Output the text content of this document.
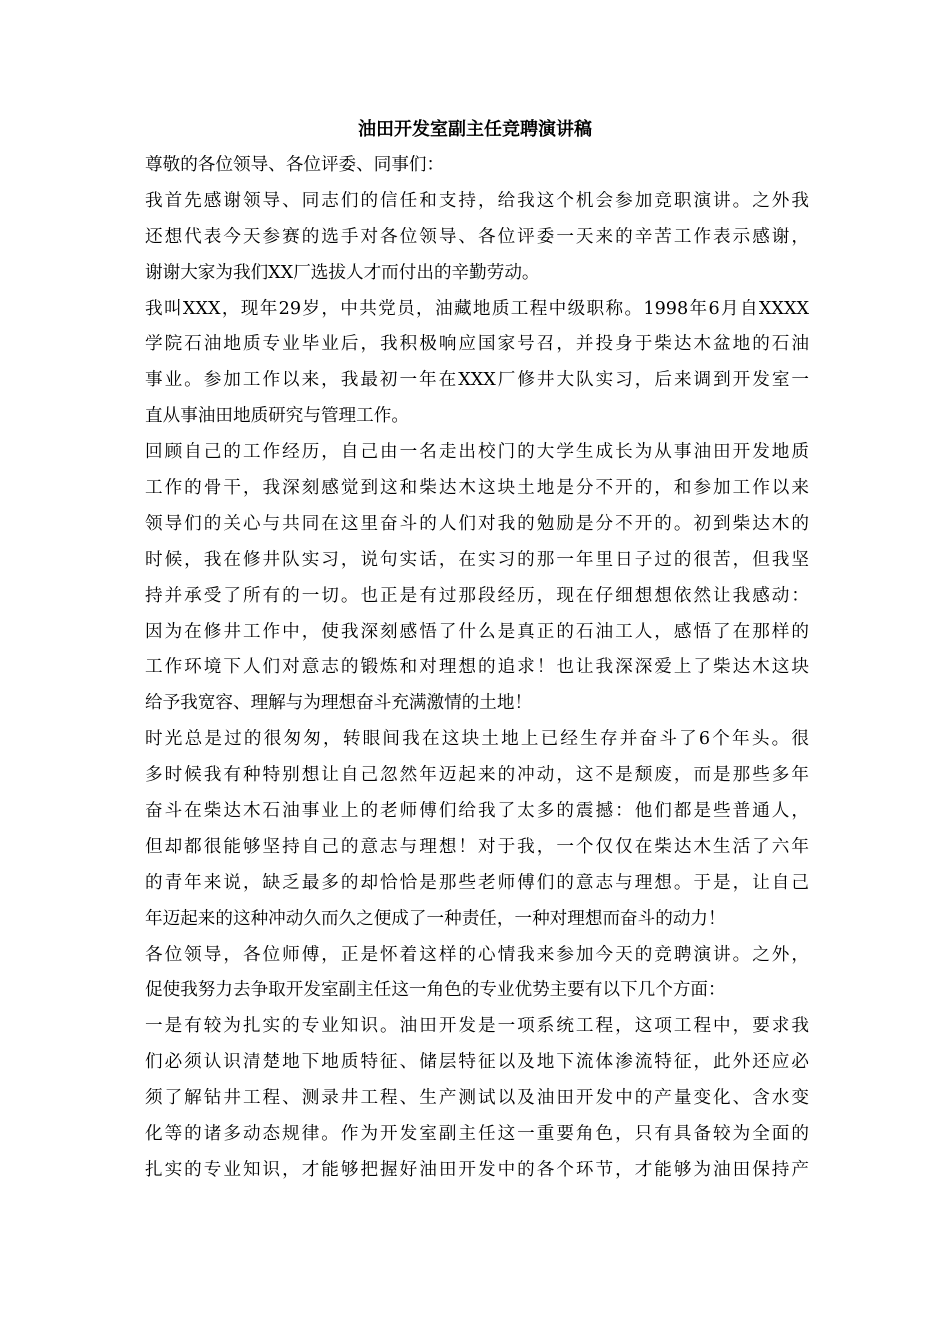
油田开发室副主任竞聘演讲稿
尊敬的各位领导、各位评委、同事们：
我首先感谢领导、同志们的信任和支持，给我这个机会参加竞职演讲。之外我
还想代表今天参赛的选手对各位领导、各位评委一天来的辛苦工作表示感谢，
谢谢大家为我们XX厂选拔人才而付出的辛勤劳动。
我叫XXX，现年29岁，中共党员，油藏地质工程中级职称。1998年6月自XXXX
学院石油地质专业毕业后，我积极响应国家号召，并投身于柴达木盆地的石油
事业。参加工作以来，我最初一年在XXX厂修井大队实习，后来调到开发室一
直从事油田地质研究与管理工作。
回顾自己的工作经历，自己由一名走出校门的大学生成长为从事油田开发地质
工作的骨干，我深刻感觉到这和柴达木这块土地是分不开的，和参加工作以来
领导们的关心与共同在这里奋斗的人们对我的勉励是分不开的。初到柴达木的
时候，我在修井队实习，说句实话，在实习的那一年里日子过的很苦，但我坚
持并承受了所有的一切。也正是有过那段经历，现在仔细想想依然让我感动：
因为在修井工作中，使我深刻感悟了什么是真正的石油工人，感悟了在那样的
工作环境下人们对意志的锻炼和对理想的追求！也让我深深爱上了柴达木这块
给予我宽容、理解与为理想奋斗充满激情的土地！
时光总是过的很匆匆，转眼间我在这块土地上已经生存并奋斗了6个年头。很
多时候我有种特别想让自己忽然年迈起来的冲动，这不是颓废，而是那些多年
奋斗在柴达木石油事业上的老师傅们给我了太多的震撼：他们都是些普通人，
但却都很能够坚持自己的意志与理想！对于我，一个仅仅在柴达木生活了六年
的青年来说，缺乏最多的却恰恰是那些老师傅们的意志与理想。于是，让自己
年迈起来的这种冲动久而久之便成了一种责任，一种对理想而奋斗的动力！
各位领导，各位师傅，正是怀着这样的心情我来参加今天的竞聘演讲。之外，
促使我努力去争取开发室副主任这一角色的专业优势主要有以下几个方面：
一是有较为扎实的专业知识。油田开发是一项系统工程，这项工程中，要求我
们必须认识清楚地下地质特征、储层特征以及地下流体渗流特征，此外还应必
须了解钻井工程、测录井工程、生产测试以及油田开发中的产量变化、含水变
化等的诸多动态规律。作为开发室副主任这一重要角色，只有具备较为全面的
扎实的专业知识，才能够把握好油田开发中的各个环节，才能够为油田保持产
